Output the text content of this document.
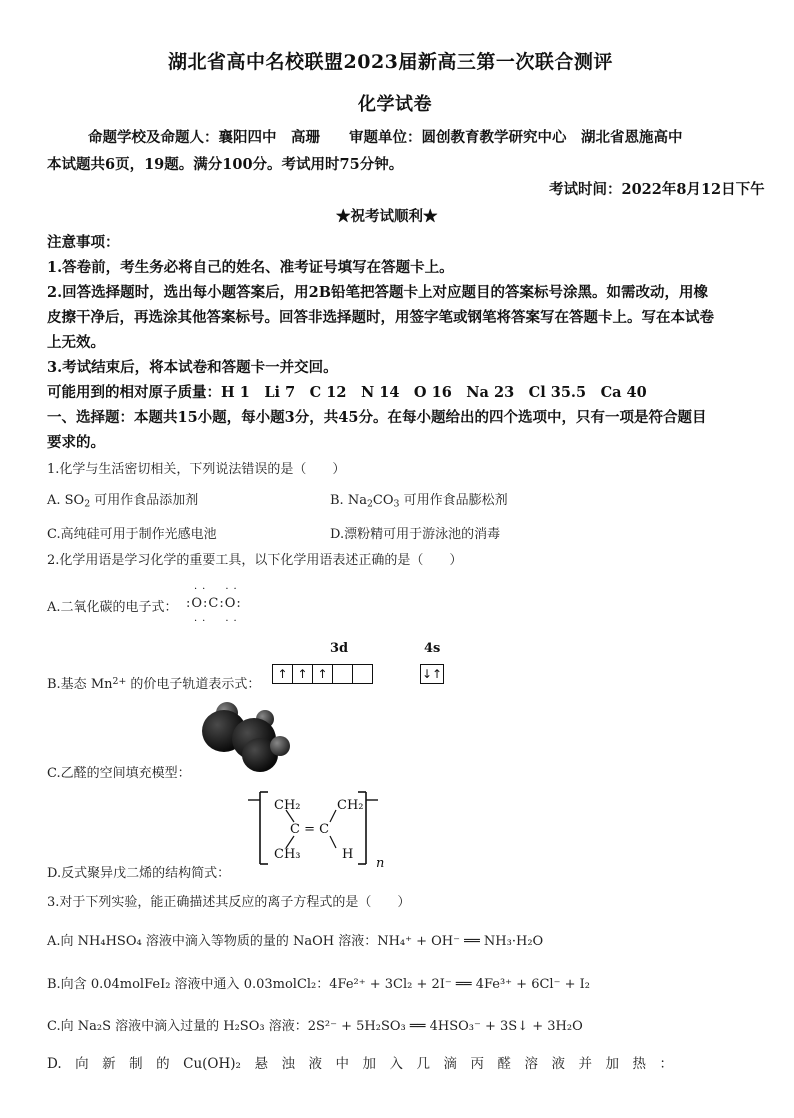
湖北省高中名校联盟2023届新高三第一次联合测评
化学试卷
命题学校及命题人：襄阳四中　高珊　　审题单位：圆创教育教学研究中心　湖北省恩施高中
本试题共6页，19题。满分100分。考试用时75分钟。
考试时间：2022年8月12日下午
★祝考试顺利★
注意事项：
1.答卷前，考生务必将自己的姓名、准考证号填写在答题卡上。
2.回答选择题时，选出每小题答案后，用2B铅笔把答题卡上对应题目的答案标号涂黑。如需改动，用橡
皮擦干净后，再选涂其他答案标号。回答非选择题时，用签字笔或钢笔将答案写在答题卡上。写在本试卷
上无效。
3.考试结束后，将本试卷和答题卡一并交回。
可能用到的相对原子质量：H 1　Li 7　C 12　N 14　O 16　Na 23　Cl 35.5　Ca 40
一、选择题：本题共15小题，每小题3分，共45分。在每小题给出的四个选项中，只有一项是符合题目
要求的。
1.化学与生活密切相关，下列说法错误的是（　　）
A. $SO_2$ 可用作食品添加剂	B. $Na_2CO_3$ 可用作食品膨松剂
C.高纯硅可用于制作光感电池	D.漂粉精可用于游泳池的消毒
2.化学用语是学习化学的重要工具，以下化学用语表述正确的是（　　）
A.二氧化碳的电子式：
··　··
:O:C:O:
··　··
3d	4s
B.基态 $Mn^{2+}$ 的价电子轨道表示式：
↑ ↑ ↑	↓↑
C.乙醛的空间填充模型：
D.反式聚异戊二烯的结构简式：
CH₂	CH₂
C = C
CH₃	H
n
3.对于下列实验，能正确描述其反应的离子方程式的是（　　）
A.向 NH₄HSO₄ 溶液中滴入等物质的量的 NaOH 溶液：NH₄⁺ + OH⁻ ══ NH₃·H₂O
B.向含 0.04molFeI₂ 溶液中通入 0.03molCl₂：4Fe²⁺ + 3Cl₂ + 2I⁻ ══ 4Fe³⁺ + 6Cl⁻ + I₂
C.向 Na₂S 溶液中滴入过量的 H₂SO₃ 溶液：2S²⁻ + 5H₂SO₃ ══ 4HSO₃⁻ + 3S↓ + 3H₂O
D.　向　新　制　的　Cu(OH)₂　悬　浊　液　中　加　入　几　滴　丙　醛　溶　液　并　加　热　：
